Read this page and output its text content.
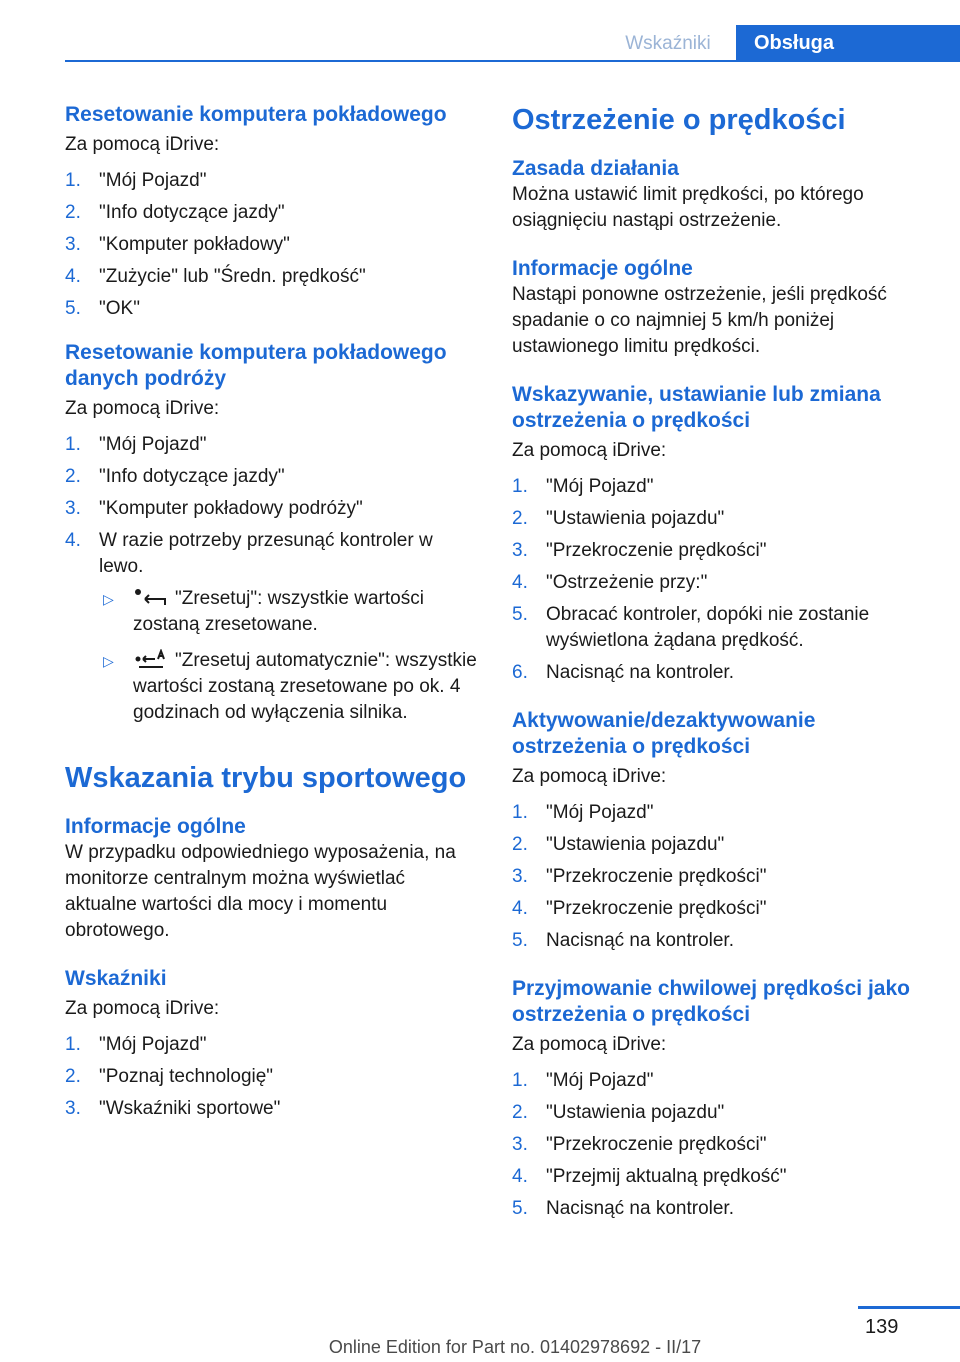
Wskaźniki	Obsługa
Resetowanie komputera pokładowego

Za pomocą iDrive:

1. "Mój Pojazd"
2. "Info dotyczące jazdy"
3. "Komputer pokładowy"
4. "Zużycie" lub "Średn. prędkość"
5. "OK"
Resetowanie komputera pokładowego danych podróży

Za pomocą iDrive:

1. "Mój Pojazd"
2. "Info dotyczące jazdy"
3. "Komputer pokładowy podróży"
4. W razie potrzeby przesunąć kontroler w lewo.
▷	"Zresetuj": wszystkie wartości zostaną zresetowane.
▷	"Zresetuj automatycznie": wszystkie wartości zostaną zresetowane po ok. 4 godzinach od wyłączenia silnika.
Wskazania trybu sportowego
Informacje ogólne

W przypadku odpowiedniego wyposażenia, na monitorze centralnym można wyświetlać aktualne wartości dla mocy i momentu obrotowego.

Wskaźniki

Za pomocą iDrive:

1. "Mój Pojazd"
2. "Poznaj technologię"
3. "Wskaźniki sportowe"
Ostrzeżenie o prędkości
Zasada działania

Można ustawić limit prędkości, po którego osiągnięciu nastąpi ostrzeżenie.

Informacje ogólne

Nastąpi ponowne ostrzeżenie, jeśli prędkość spadanie o co najmniej 5 km/h poniżej ustawionego limitu prędkości.

Wskazywanie, ustawianie lub zmiana ostrzeżenia o prędkości

Za pomocą iDrive:

1. "Mój Pojazd"
2. "Ustawienia pojazdu"
3. "Przekroczenie prędkości"
4. "Ostrzeżenie przy:"
5. Obracać kontroler, dopóki nie zostanie wyświetlona żądana prędkość.
6. Nacisnąć na kontroler.
Aktywowanie/dezaktywowanie ostrzeżenia o prędkości

Za pomocą iDrive:

1. "Mój Pojazd"
2. "Ustawienia pojazdu"
3. "Przekroczenie prędkości"
4. "Przekroczenie prędkości"
5. Nacisnąć na kontroler.
Przyjmowanie chwilowej prędkości jako ostrzeżenia o prędkości

Za pomocą iDrive:

1. "Mój Pojazd"
2. "Ustawienia pojazdu"
3. "Przekroczenie prędkości"
4. "Przejmij aktualną prędkość"
5. Nacisnąć na kontroler.
139
Online Edition for Part no. 01402978692 - II/17
